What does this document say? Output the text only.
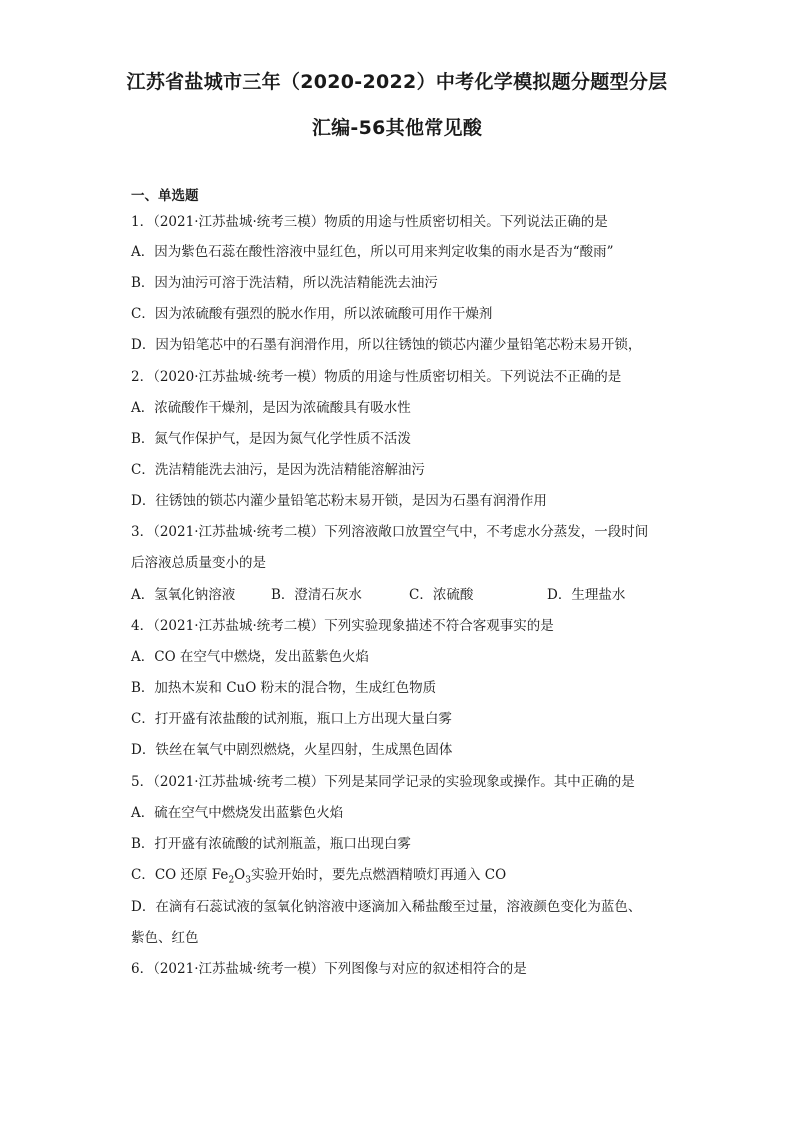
江苏省盐城市三年（2020-2022）中考化学模拟题分题型分层
汇编-56其他常见酸
一、单选题
1．（2021·江苏盐城·统考三模）物质的用途与性质密切相关。下列说法正确的是
A．因为紫色石蕊在酸性溶液中显红色，所以可用来判定收集的雨水是否为“酸雨”
B．因为油污可溶于洗洁精，所以洗洁精能洗去油污
C．因为浓硫酸有强烈的脱水作用，所以浓硫酸可用作干燥剂
D．因为铅笔芯中的石墨有润滑作用，所以往锈蚀的锁芯内灌少量铅笔芯粉末易开锁，
2．（2020·江苏盐城·统考一模）物质的用途与性质密切相关。下列说法不正确的是
A．浓硫酸作干燥剂，是因为浓硫酸具有吸水性
B．氮气作保护气，是因为氮气化学性质不活泼
C．洗洁精能洗去油污，是因为洗洁精能溶解油污
D．往锈蚀的锁芯内灌少量铅笔芯粉末易开锁，是因为石墨有润滑作用
3．（2021·江苏盐城·统考二模）下列溶液敞口放置空气中，不考虑水分蒸发，一段时间
后溶液总质量变小的是
A．氢氧化钠溶液	B．澄清石灰水	C．浓硫酸	D．生理盐水
4．（2021·江苏盐城·统考二模）下列实验现象描述不符合客观事实的是
A．CO 在空气中燃烧，发出蓝紫色火焰
B．加热木炭和 CuO 粉末的混合物，生成红色物质
C．打开盛有浓盐酸的试剂瓶，瓶口上方出现大量白雾
D．铁丝在氧气中剧烈燃烧，火星四射，生成黑色固体
5．（2021·江苏盐城·统考二模）下列是某同学记录的实验现象或操作。其中正确的是
A．硫在空气中燃烧发出蓝紫色火焰
B．打开盛有浓硫酸的试剂瓶盖，瓶口出现白雾
C．CO 还原 $Fe_2O_3$实验开始时，要先点燃酒精喷灯再通入 CO
D．在滴有石蕊试液的氢氧化钠溶液中逐滴加入稀盐酸至过量，溶液颜色变化为蓝色、
紫色、红色
6．（2021·江苏盐城·统考一模）下列图像与对应的叙述相符合的是
